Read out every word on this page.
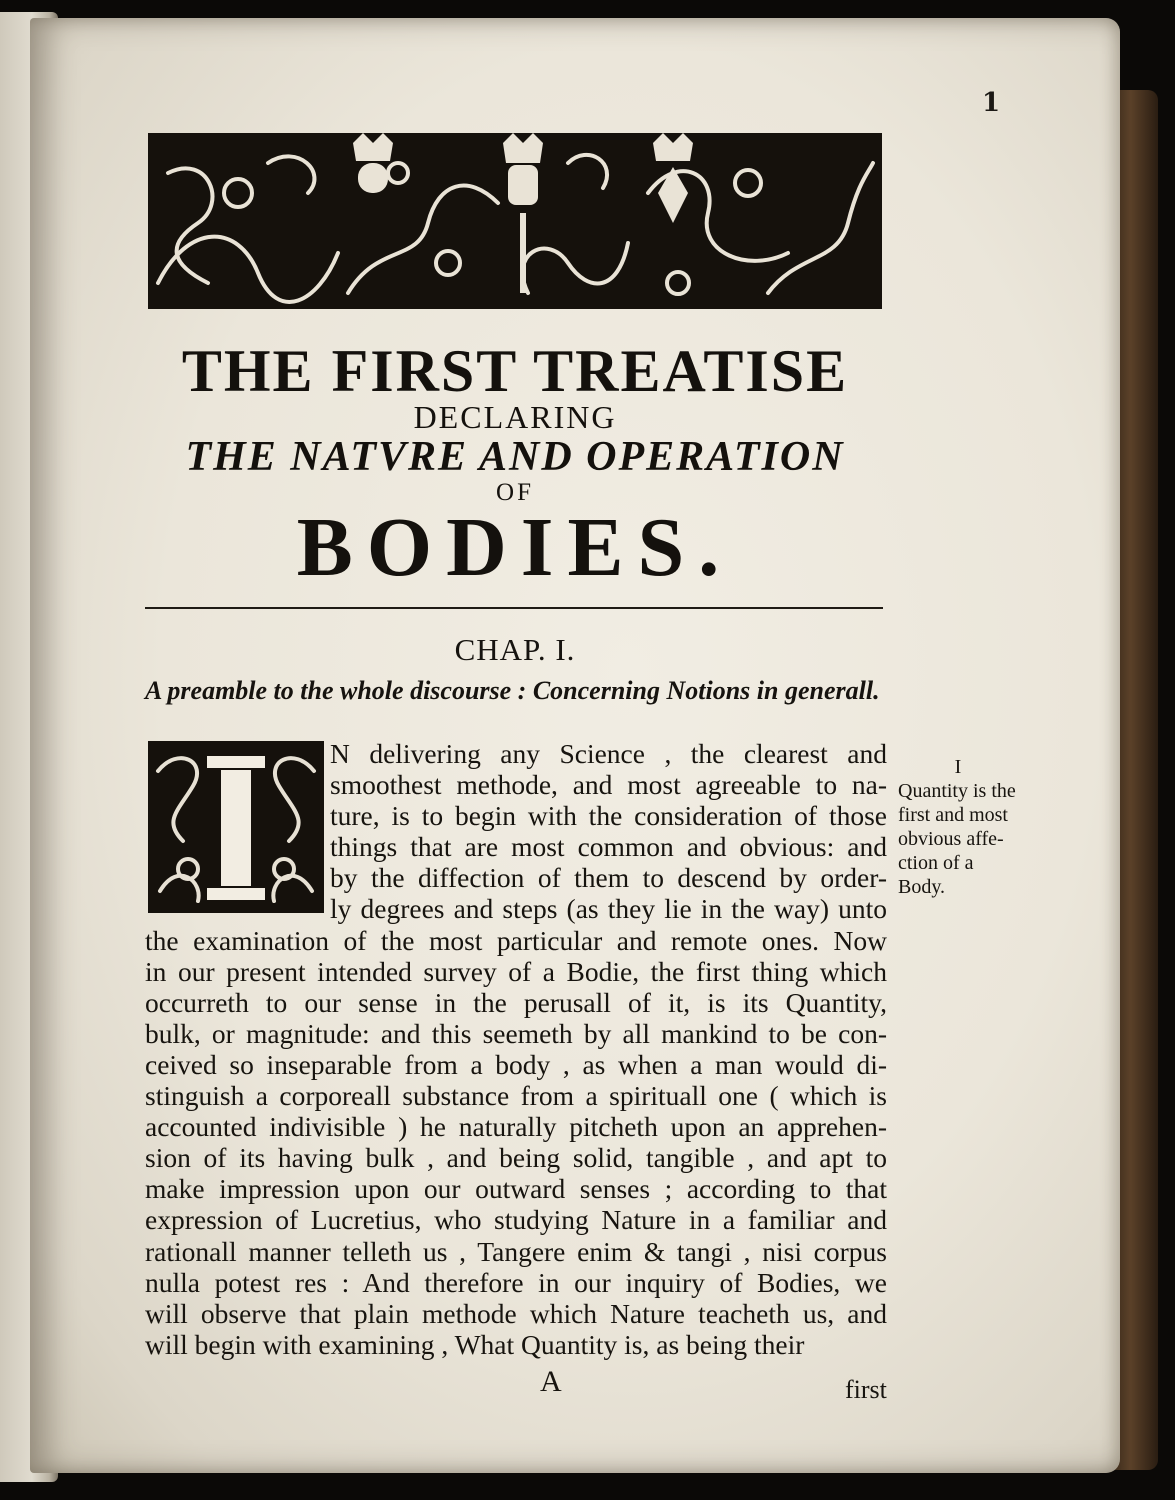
1
THE FIRST TREATISE
DECLARING
THE NATVRE AND OPERATION
OF
BODIES.
CHAP. I.
A preamble to the whole discourse : Concerning Notions in generall.
N delivering any Science , the clearest and
smoothest methode, and most agreeable to na-
ture, is to begin with the consideration of those
things that are most common and obvious: and
by the diffection of them to descend by order-
ly degrees and steps (as they lie in the way) unto
the examination of the most particular and remote ones. Now
in our present intended survey of a Bodie, the first thing which
occurreth to our sense in the perusall of it, is its Quantity,
bulk, or magnitude: and this seemeth by all mankind to be con-
ceived so inseparable from a body , as when a man would di-
stinguish a corporeall substance from a spirituall one ( which is
accounted indivisible ) he naturally pitcheth upon an apprehen-
sion of its having bulk , and being solid, tangible , and apt to
make impression upon our outward senses ; according to that
expression of Lucretius, who studying Nature in a familiar and
rationall manner telleth us , Tangere enim & tangi , nisi corpus
nulla potest res : And therefore in our inquiry of Bodies, we
will observe that plain methode which Nature teacheth us, and
will begin with examining , What Quantity is, as being their
I
Quantity is the
first and most
obvious affe-
ction of a
Body.
A	first
